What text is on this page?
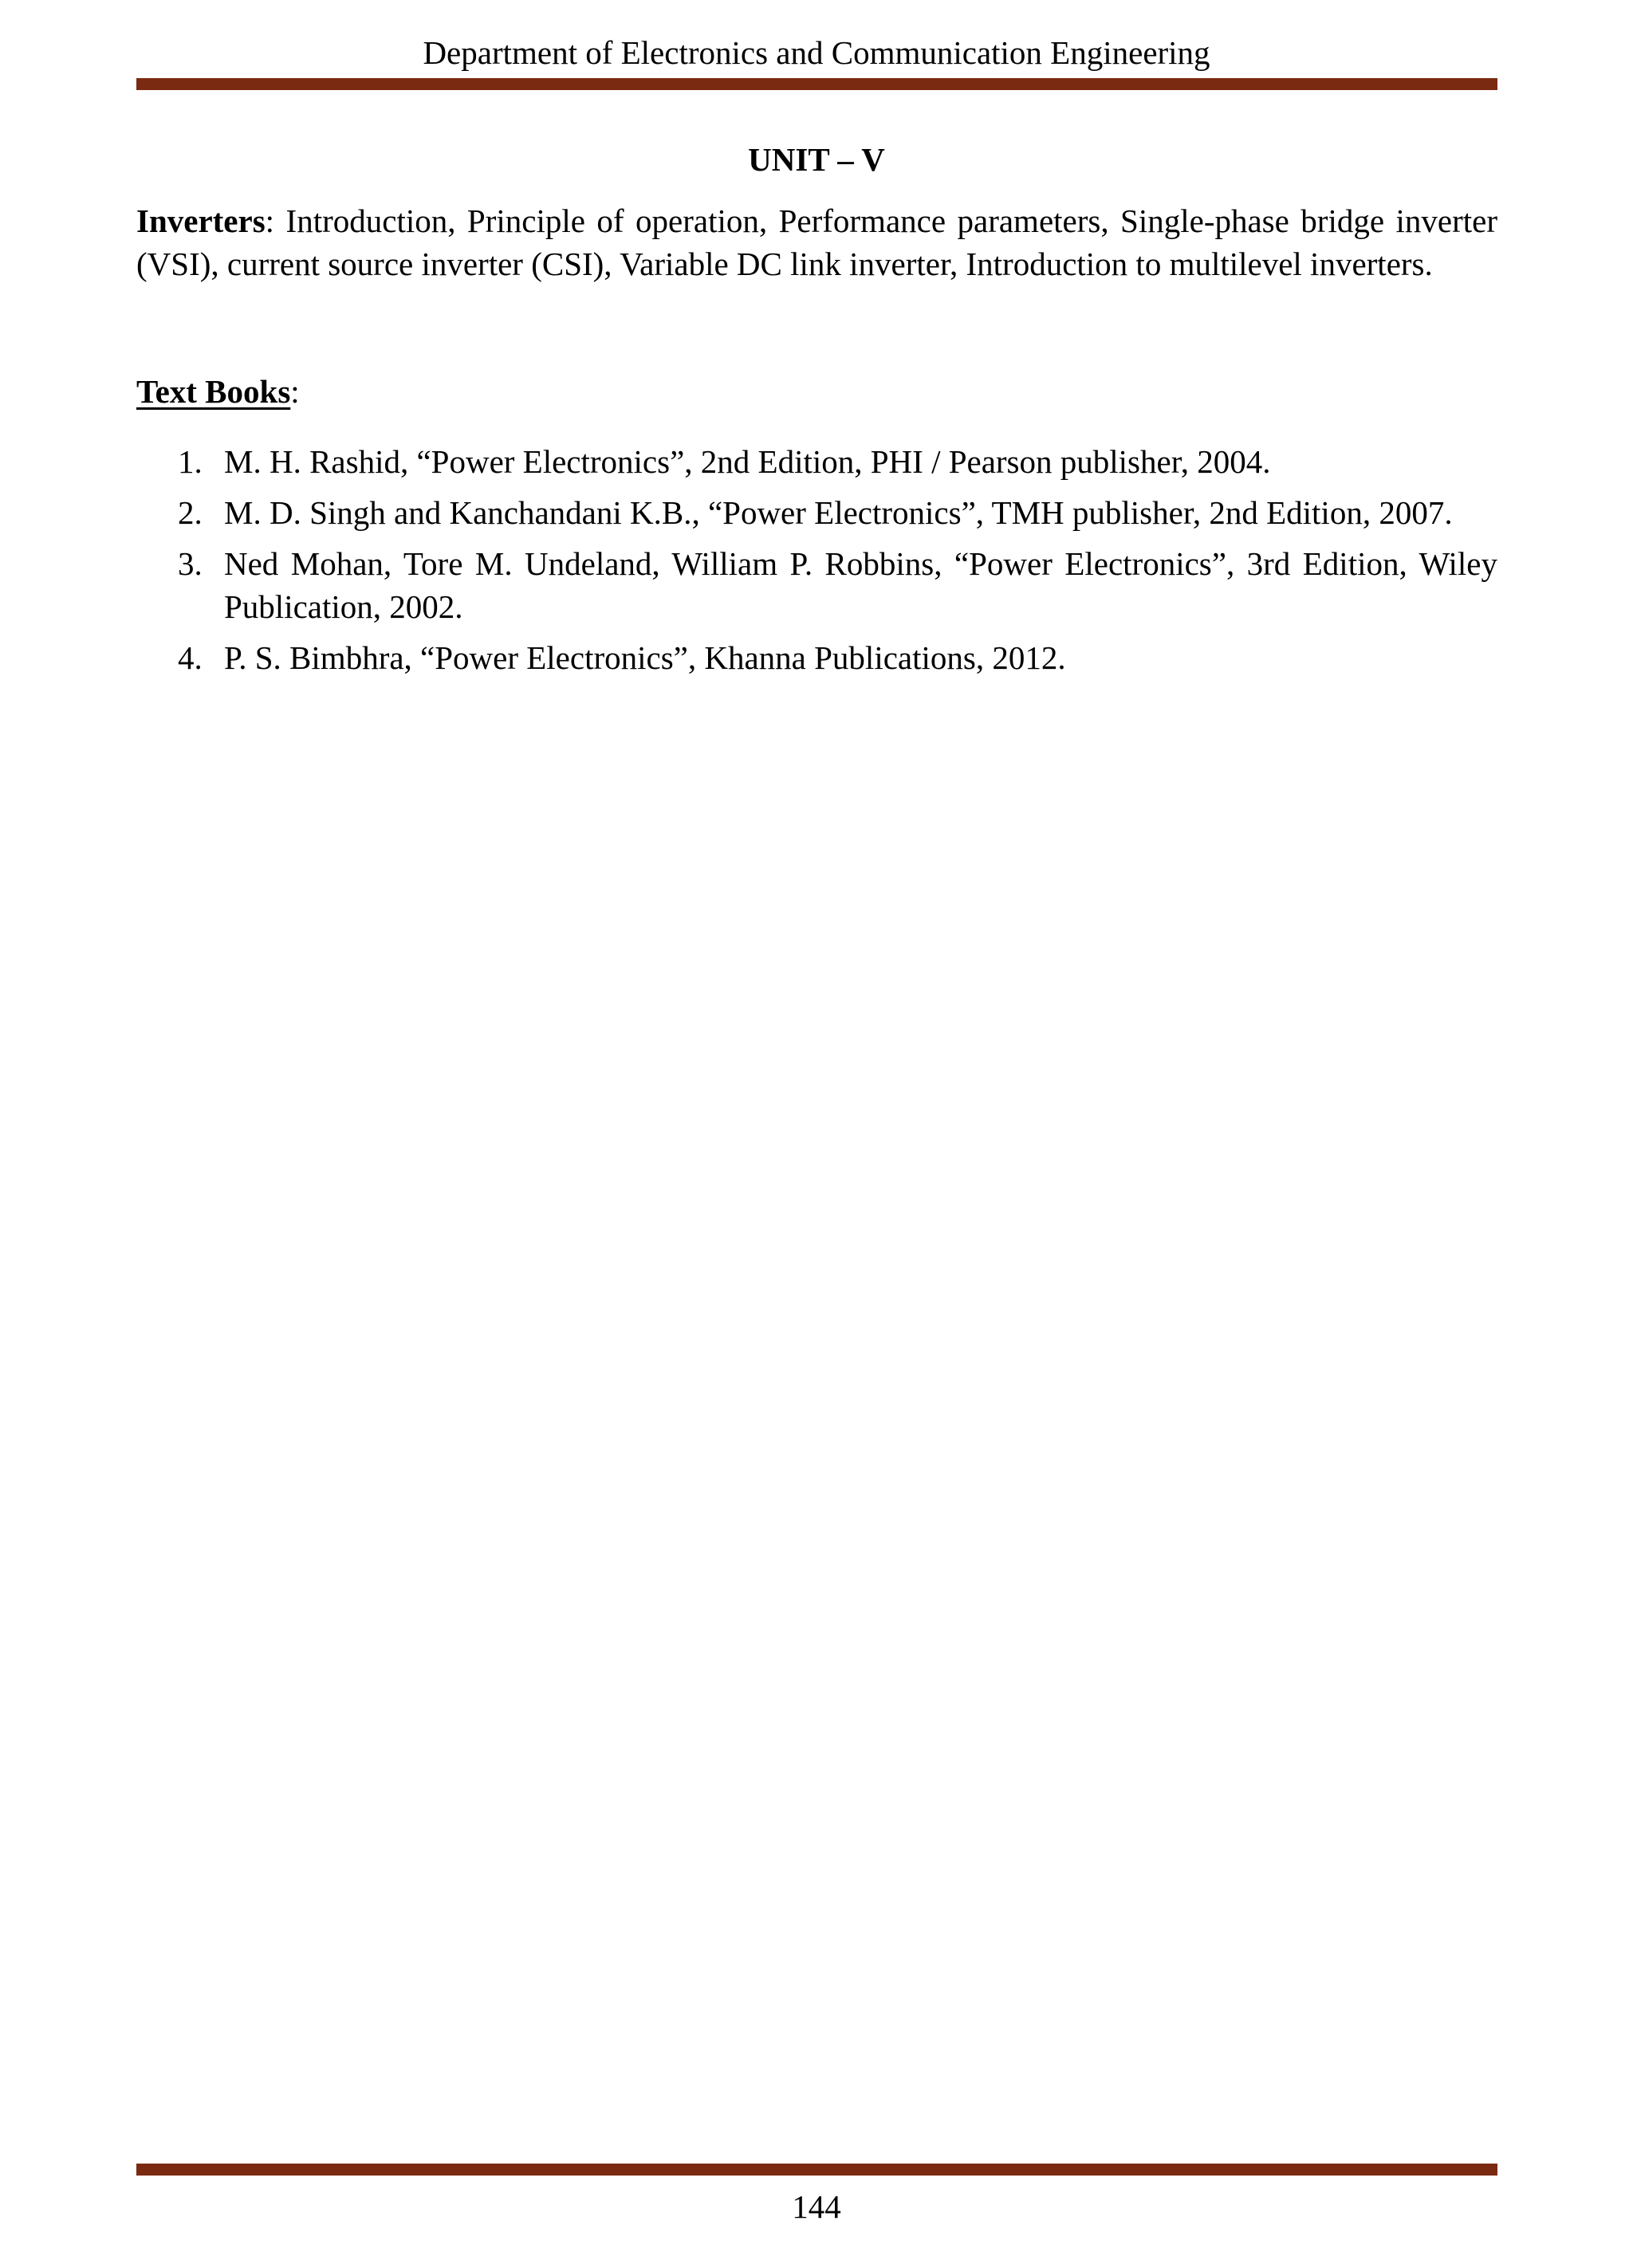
Department of Electronics and Communication Engineering
UNIT – V

Inverters: Introduction, Principle of operation, Performance parameters, Single-phase bridge inverter (VSI), current source inverter (CSI), Variable DC link inverter, Introduction to multilevel inverters.

Text Books:
1. M. H. Rashid, “Power Electronics”, 2nd Edition, PHI / Pearson publisher, 2004.
2. M. D. Singh and Kanchandani K.B., “Power Electronics”, TMH publisher, 2nd Edition, 2007.
3. Ned Mohan, Tore M. Undeland, William P. Robbins, “Power Electronics”, 3rd Edition, Wiley Publication, 2002.
4. P. S. Bimbhra, “Power Electronics”, Khanna Publications, 2012.
144
